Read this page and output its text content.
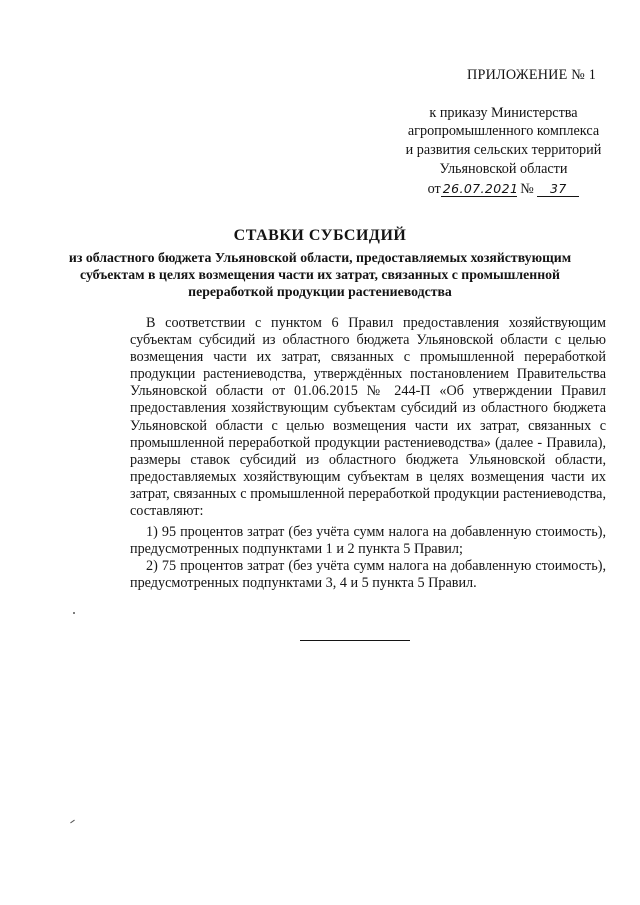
ПРИЛОЖЕНИЕ № 1
к приказу Министерства
агропромышленного комплекса
и развития сельских территорий
Ульяновской области
от 26.07.2021 № 37
СТАВКИ СУБСИДИЙ
из областного бюджета Ульяновской области, предоставляемых хозяйствующим субъектам в целях возмещения части их затрат, связанных с промышленной переработкой продукции растениеводства

В соответствии с пунктом 6 Правил предоставления хозяйствующим субъектам субсидий из областного бюджета Ульяновской области с целью возмещения части их затрат, связанных с промышленной переработкой продукции растениеводства, утверждённых постановлением Правительства Ульяновской области от 01.06.2015 № 244-П «Об утверждении Правил предоставления хозяйствующим субъектам субсидий из областного бюджета Ульяновской области с целью возмещения части их затрат, связанных с промышленной переработкой продукции растениеводства» (далее - Правила), размеры ставок субсидий из областного бюджета Ульяновской области, предоставляемых хозяйствующим субъектам в целях возмещения части их затрат, связанных с промышленной переработкой продукции растениеводства, составляют:

1) 95 процентов затрат (без учёта сумм налога на добавленную стоимость), предусмотренных подпунктами 1 и 2 пункта 5 Правил;

2) 75 процентов затрат (без учёта сумм налога на добавленную стоимость), предусмотренных подпунктами 3, 4 и 5 пункта 5 Правил.
